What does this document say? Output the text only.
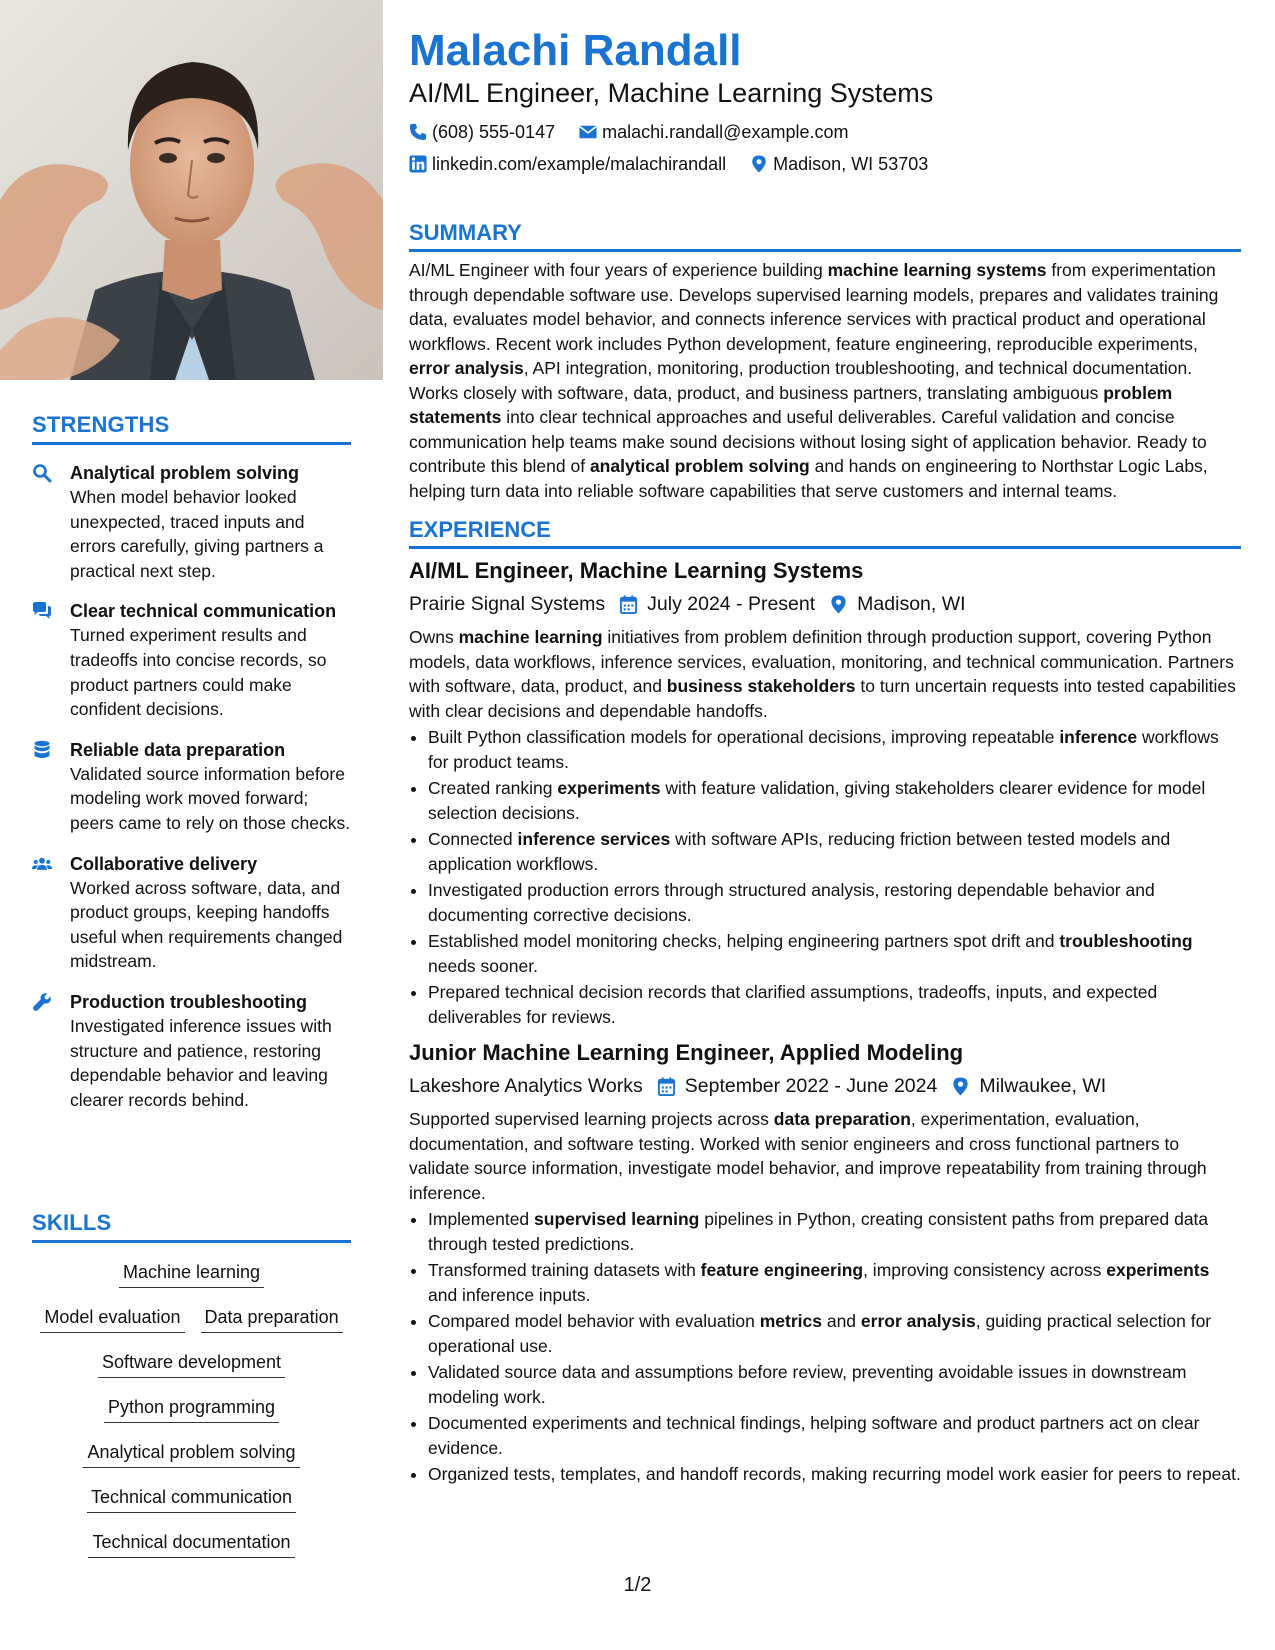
STRENGTHS
Analytical problem solving

When model behavior looked unexpected, traced inputs and errors carefully, giving partners a practical next step.

Clear technical communication

Turned experiment results and tradeoffs into concise records, so product partners could make confident decisions.

Reliable data preparation

Validated source information before modeling work moved forward; peers came to rely on those checks.

Collaborative delivery

Worked across software, data, and product groups, keeping handoffs useful when requirements changed midstream.

Production troubleshooting

Investigated inference issues with structure and patience, restoring dependable behavior and leaving clearer records behind.

SKILLS
Machine learning
Model evaluation Data preparation
Software development
Python programming
Analytical problem solving
Technical communication
Technical documentation
Malachi Randall
AI/ML Engineer, Machine Learning Systems
(608) 555-0147	malachi.randall@example.com
linkedin.com/example/malachirandall	Madison, WI 53703
SUMMARY

AI/ML Engineer with four years of experience building machine learning systems from experimentation through dependable software use. Develops supervised learning models, prepares and validates training data, evaluates model behavior, and connects inference services with practical product and operational workflows. Recent work includes Python development, feature engineering, reproducible experiments, error analysis, API integration, monitoring, production troubleshooting, and technical documentation. Works closely with software, data, product, and business partners, translating ambiguous problem statements into clear technical approaches and useful deliverables. Careful validation and concise communication help teams make sound decisions without losing sight of application behavior. Ready to contribute this blend of analytical problem solving and hands on engineering to Northstar Logic Labs, helping turn data into reliable software capabilities that serve customers and internal teams.

EXPERIENCE
AI/ML Engineer, Machine Learning Systems
Prairie Signal Systems July 2024 - Present Madison, WI

Owns machine learning initiatives from problem definition through production support, covering Python models, data workflows, inference services, evaluation, monitoring, and technical communication. Partners with software, data, product, and business stakeholders to turn uncertain requests into tested capabilities with clear decisions and dependable handoffs.

• Built Python classification models for operational decisions, improving repeatable inference workflows for product teams.
• Created ranking experiments with feature validation, giving stakeholders clearer evidence for model selection decisions.
• Connected inference services with software APIs, reducing friction between tested models and application workflows.
• Investigated production errors through structured analysis, restoring dependable behavior and documenting corrective decisions.
• Established model monitoring checks, helping engineering partners spot drift and troubleshooting needs sooner.
• Prepared technical decision records that clarified assumptions, tradeoffs, inputs, and expected deliverables for reviews.
Junior Machine Learning Engineer, Applied Modeling
Lakeshore Analytics Works September 2022 - June 2024 Milwaukee, WI

Supported supervised learning projects across data preparation, experimentation, evaluation, documentation, and software testing. Worked with senior engineers and cross functional partners to validate source information, investigate model behavior, and improve repeatability from training through inference.

• Implemented supervised learning pipelines in Python, creating consistent paths from prepared data through tested predictions.
• Transformed training datasets with feature engineering, improving consistency across experiments and inference inputs.
• Compared model behavior with evaluation metrics and error analysis, guiding practical selection for operational use.
• Validated source data and assumptions before review, preventing avoidable issues in downstream modeling work.
• Documented experiments and technical findings, helping software and product partners act on clear evidence.
• Organized tests, templates, and handoff records, making recurring model work easier for peers to repeat.
1/2
